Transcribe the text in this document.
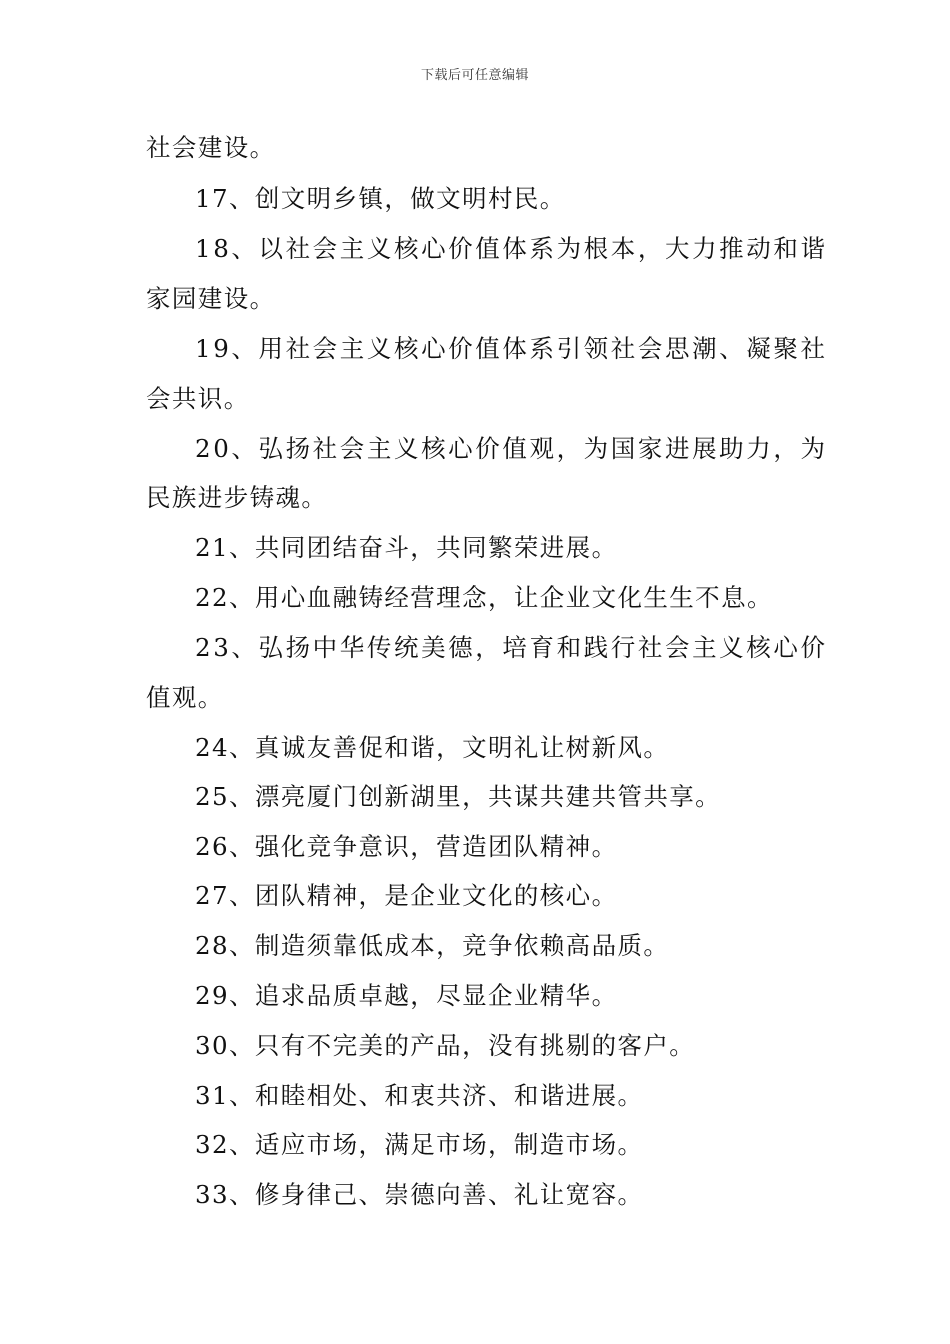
下载后可任意编辑
社会建设。
17、创文明乡镇，做文明村民。
18、以社会主义核心价值体系为根本，大力推动和谐
家园建设。
19、用社会主义核心价值体系引领社会思潮、凝聚社
会共识。
20、弘扬社会主义核心价值观，为国家进展助力，为
民族进步铸魂。
21、共同团结奋斗，共同繁荣进展。
22、用心血融铸经营理念，让企业文化生生不息。
23、弘扬中华传统美德，培育和践行社会主义核心价
值观。
24、真诚友善促和谐，文明礼让树新风。
25、漂亮厦门创新湖里，共谋共建共管共享。
26、强化竞争意识，营造团队精神。
27、团队精神，是企业文化的核心。
28、制造须靠低成本，竞争依赖高品质。
29、追求品质卓越，尽显企业精华。
30、只有不完美的产品，没有挑剔的客户。
31、和睦相处、和衷共济、和谐进展。
32、适应市场，满足市场，制造市场。
33、修身律己、崇德向善、礼让宽容。
